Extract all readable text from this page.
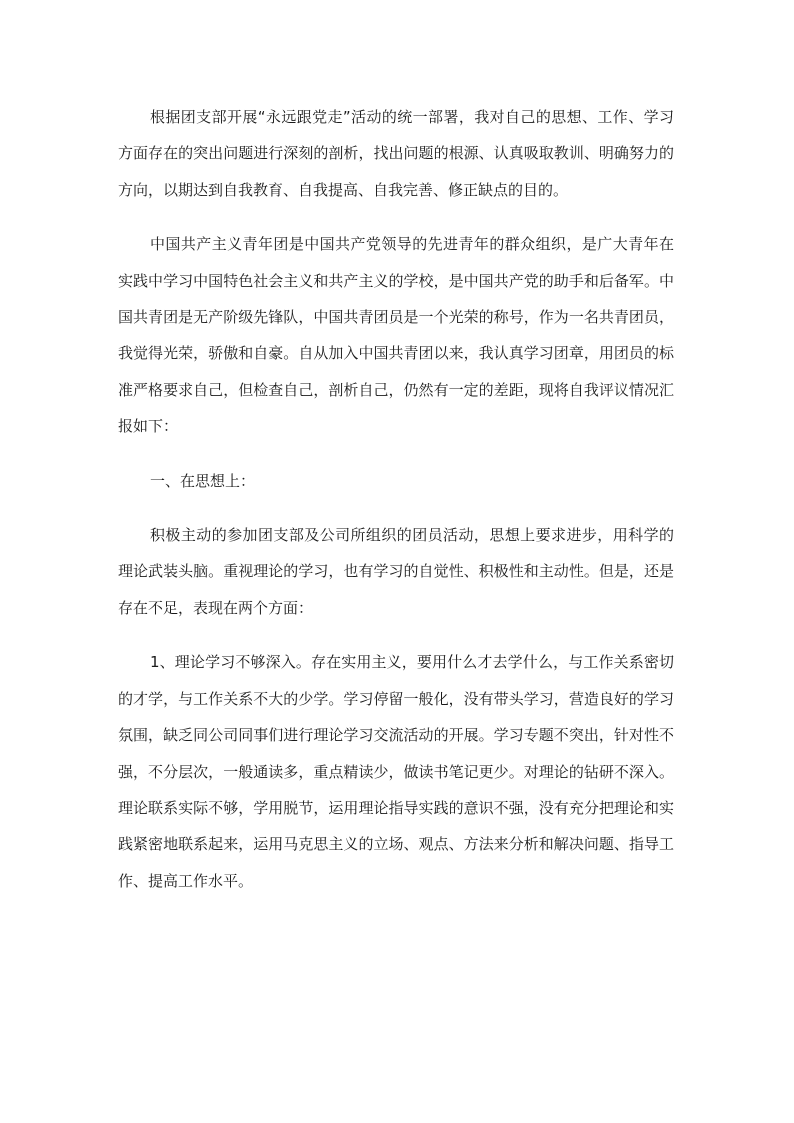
根据团支部开展“永远跟党走”活动的统一部署，我对自己的思想、工作、学习方面存在的突出问题进行深刻的剖析，找出问题的根源、认真吸取教训、明确努力的方向，以期达到自我教育、自我提高、自我完善、修正缺点的目的。

中国共产主义青年团是中国共产党领导的先进青年的群众组织，是广大青年在实践中学习中国特色社会主义和共产主义的学校，是中国共产党的助手和后备军。中国共青团是无产阶级先锋队，中国共青团员是一个光荣的称号，作为一名共青团员，我觉得光荣，骄傲和自豪。自从加入中国共青团以来，我认真学习团章，用团员的标准严格要求自己，但检查自己，剖析自己，仍然有一定的差距，现将自我评议情况汇报如下：

一、在思想上：

积极主动的参加团支部及公司所组织的团员活动，思想上要求进步，用科学的理论武装头脑。重视理论的学习，也有学习的自觉性、积极性和主动性。但是，还是存在不足，表现在两个方面：

1、理论学习不够深入。存在实用主义，要用什么才去学什么，与工作关系密切的才学，与工作关系不大的少学。学习停留一般化，没有带头学习，营造良好的学习氛围，缺乏同公司同事们进行理论学习交流活动的开展。学习专题不突出，针对性不强，不分层次，一般通读多，重点精读少，做读书笔记更少。对理论的钻研不深入。理论联系实际不够，学用脱节，运用理论指导实践的意识不强，没有充分把理论和实践紧密地联系起来，运用马克思主义的立场、观点、方法来分析和解决问题、指导工作、提高工作水平。
